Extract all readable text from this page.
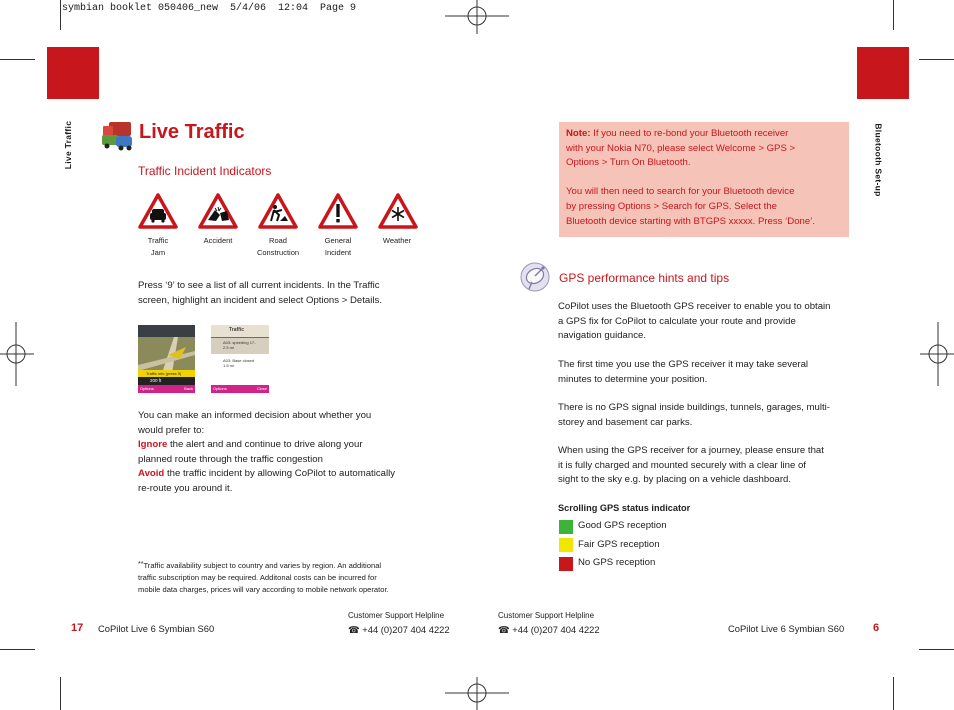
symbian booklet 050406_new  5/4/06  12:04  Page 9
Live Traffic	Bluetooth Set-up
Live Traffic
Traffic Incident Indicators
Traffic
Jam
Accident	Road
Construction
General
Incident
Weather
Press ‘9’ to see a list of all current incidents. In the Traffic
screen, highlight an incident and select Options > Details.
Traffic info (press 9)
200 ft
Options	Back
Traffic
A03: speeding 17..
2.5 mi
A03: Base closed
1.5 mi
Options	Close
You can make an informed decision about whether you
would prefer to:
Ignore the alert and and continue to drive along your
planned route through the traffic congestion
Avoid the traffic incident by allowing CoPilot to automatically
re-route you around it.
**Traffic availability subject to country and varies by region. An additional
traffic subscription may be required. Additonal costs can be incurred for
mobile data charges, prices will vary according to mobile network operator.
Note: If you need to re-bond your Bluetooth receiver
with your Nokia N70, please select Welcome > GPS >
Options > Turn On Bluetooth.
You will then need to search for your Bluetooth device
by pressing Options > Search for GPS. Select the
Bluetooth device starting with BTGPS xxxxx. Press ‘Done’.
GPS performance hints and tips
CoPilot uses the Bluetooth GPS receiver to enable you to obtain
a GPS fix for CoPilot to calculate your route and provide
navigation guidance.
The first time you use the GPS receiver it may take several
minutes to determine your position.
There is no GPS signal inside buildings, tunnels, garages, multi-
storey and basement car parks.
When using the GPS receiver for a journey, please ensure that
it is fully charged and mounted securely with a clear line of
sight to the sky e.g. by placing on a vehicle dashboard.
Scrolling GPS status indicator
Good GPS reception
Fair GPS reception
No GPS reception
17 CoPilot Live 6 Symbian S60
Customer Support Helpline
☎ +44 (0)207 404 4222
Customer Support Helpline
☎ +44 (0)207 404 4222	CoPilot Live 6 Symbian S60	6
